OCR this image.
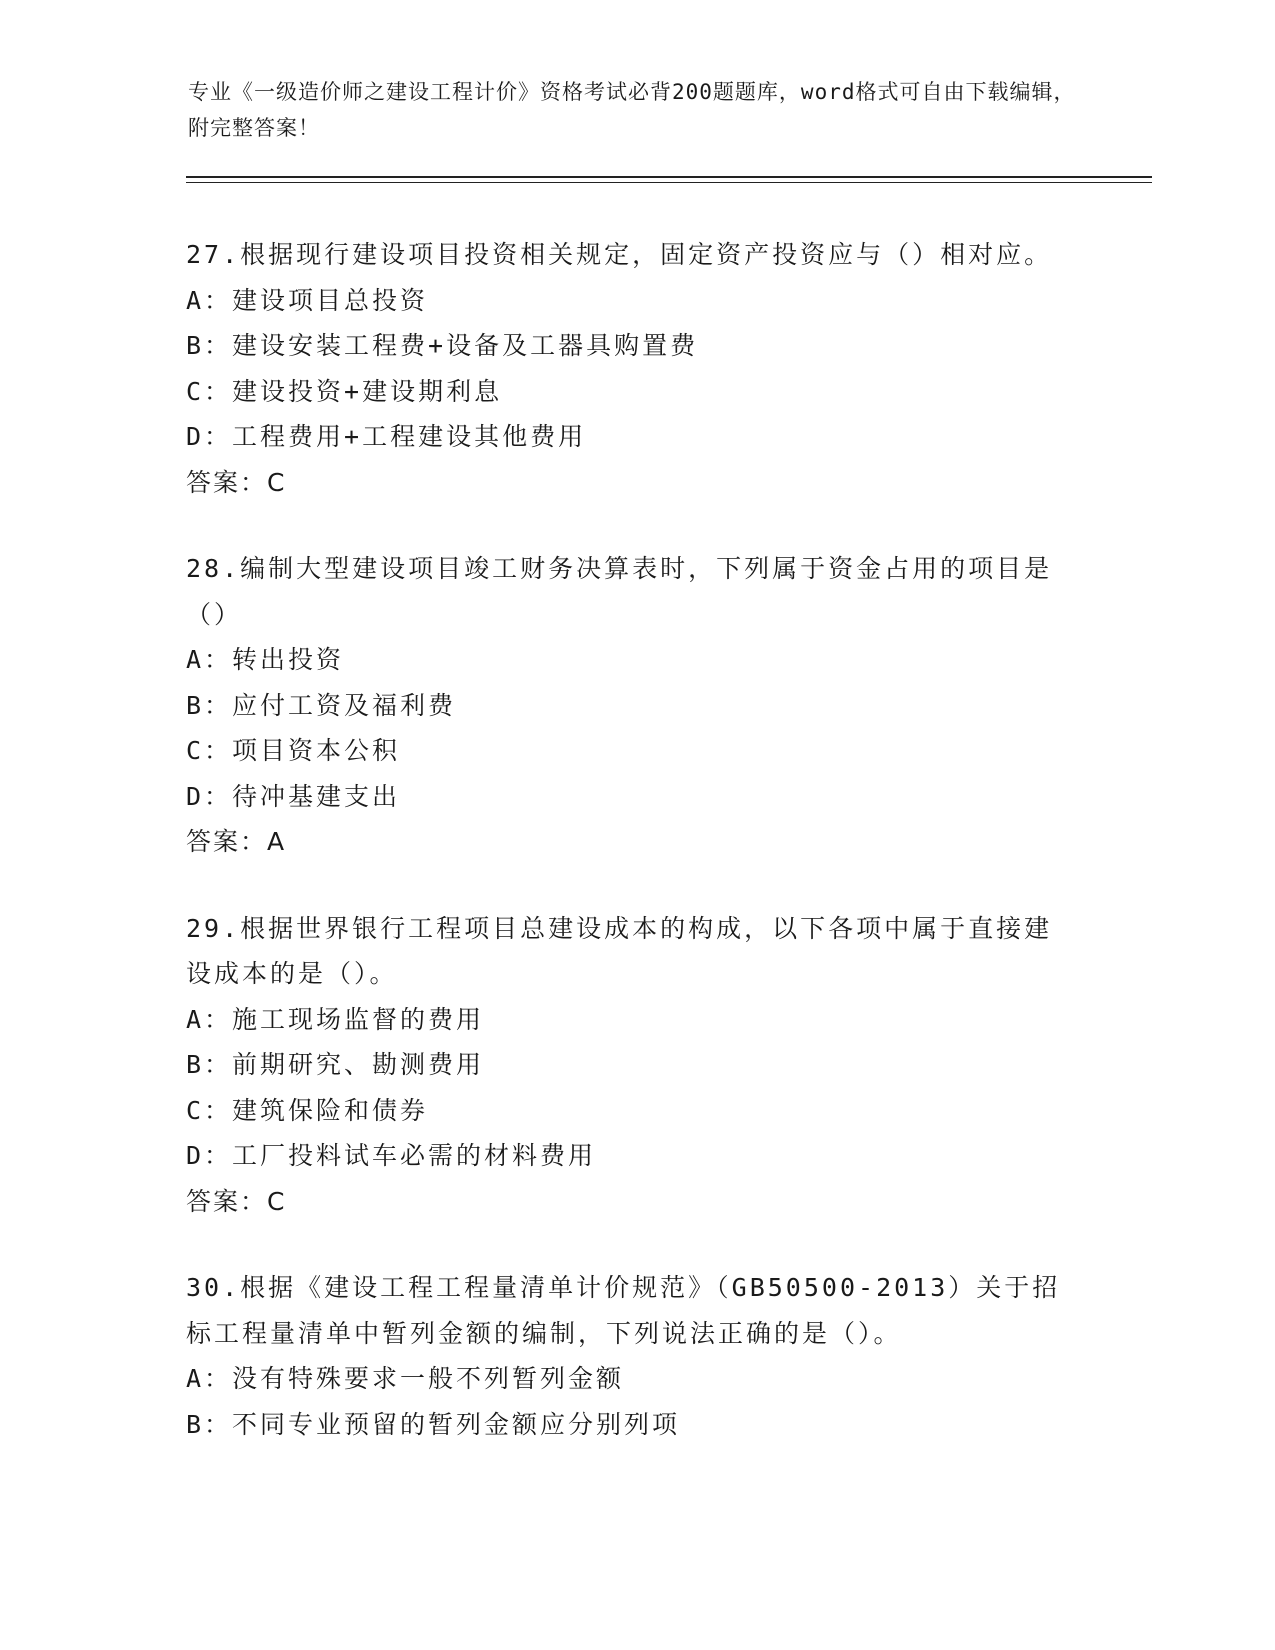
专业《一级造价师之建设工程计价》资格考试必背200题题库，word格式可自由下载编辑，附完整答案！
27.根据现行建设项目投资相关规定，固定资产投资应与（）相对应。
A：建设项目总投资
B：建设安装工程费+设备及工器具购置费
C：建设投资+建设期利息
D：工程费用+工程建设其他费用
答案：C
28.编制大型建设项目竣工财务决算表时，下列属于资金占用的项目是（）
A：转出投资
B：应付工资及福利费
C：项目资本公积
D：待冲基建支出
答案：A
29.根据世界银行工程项目总建设成本的构成，以下各项中属于直接建设成本的是（）。
A：施工现场监督的费用
B：前期研究、勘测费用
C：建筑保险和债券
D：工厂投料试车必需的材料费用
答案：C
30.根据《建设工程工程量清单计价规范》（GB50500-2013）关于招标工程量清单中暂列金额的编制，下列说法正确的是（）。
A：没有特殊要求一般不列暂列金额
B：不同专业预留的暂列金额应分别列项
